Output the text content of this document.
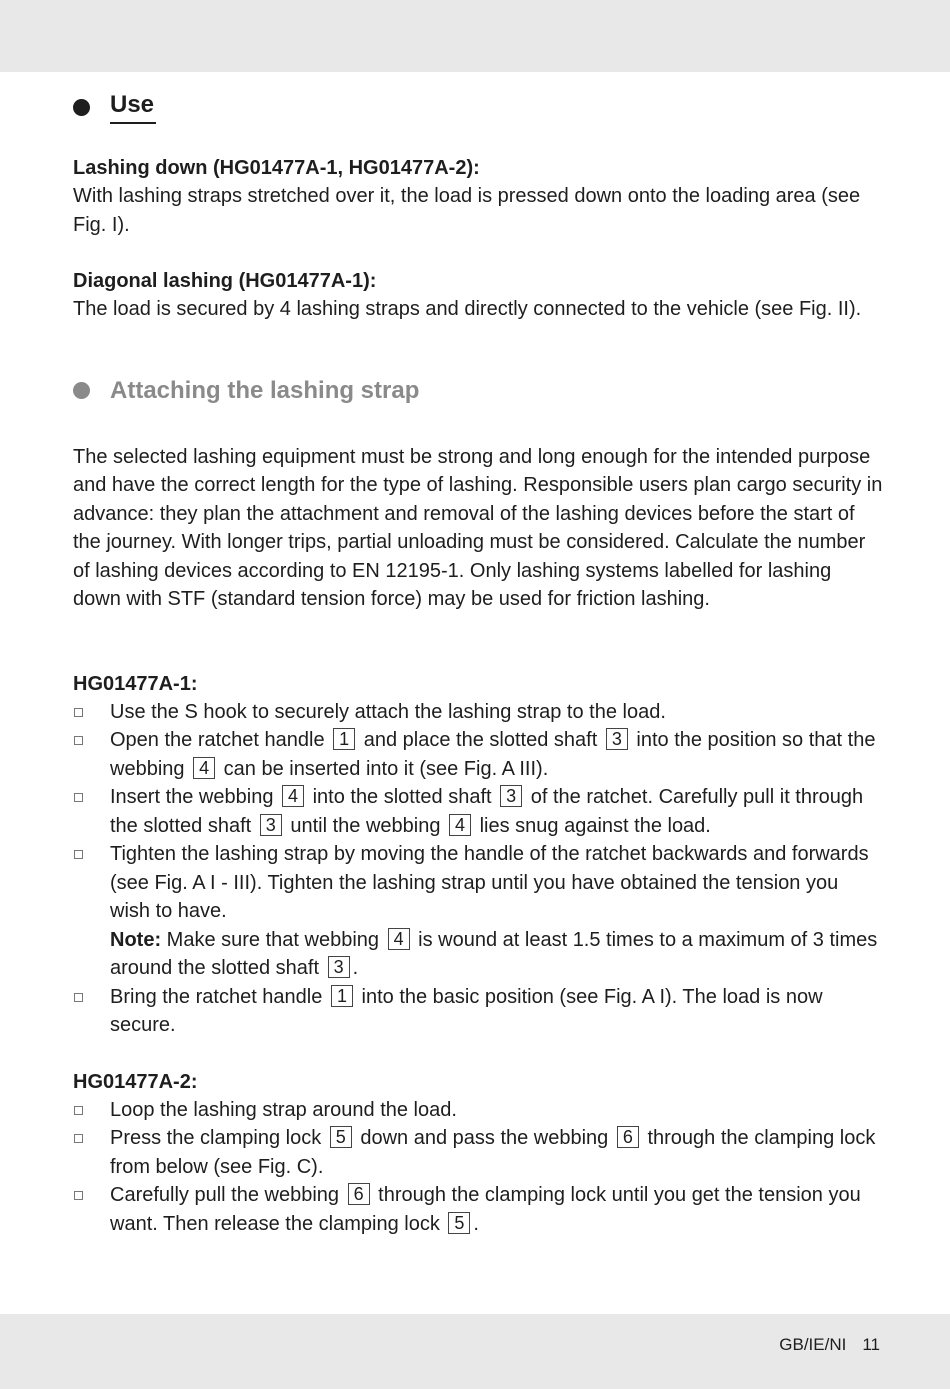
Use
Lashing down (HG01477A-1, HG01477A-2):

With lashing straps stretched over it, the load is pressed down onto the loading area (see Fig. I).

Diagonal lashing (HG01477A-1):

The load is secured by 4 lashing straps and directly connected to the vehicle (see Fig. II).

Attaching the lashing strap

The selected lashing equipment must be strong and long enough for the intended purpose and have the correct length for the type of lashing. Responsible users plan cargo security in advance: they plan the attachment and removal of the lashing devices before the start of the journey. With longer trips, partial unloading must be considered. Calculate the number of lashing devices according to EN 12195-1. Only lashing systems labelled for lashing down with STF (standard tension force) may be used for friction lashing.

HG01477A-1:
Use the S hook to securely attach the lashing strap to the load.
Open the ratchet handle 1 and place the slotted shaft 3 into the position so that the webbing 4 can be inserted into it (see Fig. A III).
Insert the webbing 4 into the slotted shaft 3 of the ratchet. Carefully pull it through the slotted shaft 3 until the webbing 4 lies snug against the load.
Tighten the lashing strap by moving the handle of the ratchet backwards and forwards (see Fig. A I - III). Tighten the lashing strap until you have obtained the tension you wish to have.
Note: Make sure that webbing 4 is wound at least 1.5 times to a maximum of 3 times around the slotted shaft 3 .
Bring the ratchet handle 1 into the basic position (see Fig. A I). The load is now secure.
HG01477A-2:
Loop the lashing strap around the load.
Press the clamping lock 5 down and pass the webbing 6 through the clamping lock from below (see Fig. C).
Carefully pull the webbing 6 through the clamping lock until you get the tension you want. Then release the clamping lock 5 .
GB/IE/NI 11
